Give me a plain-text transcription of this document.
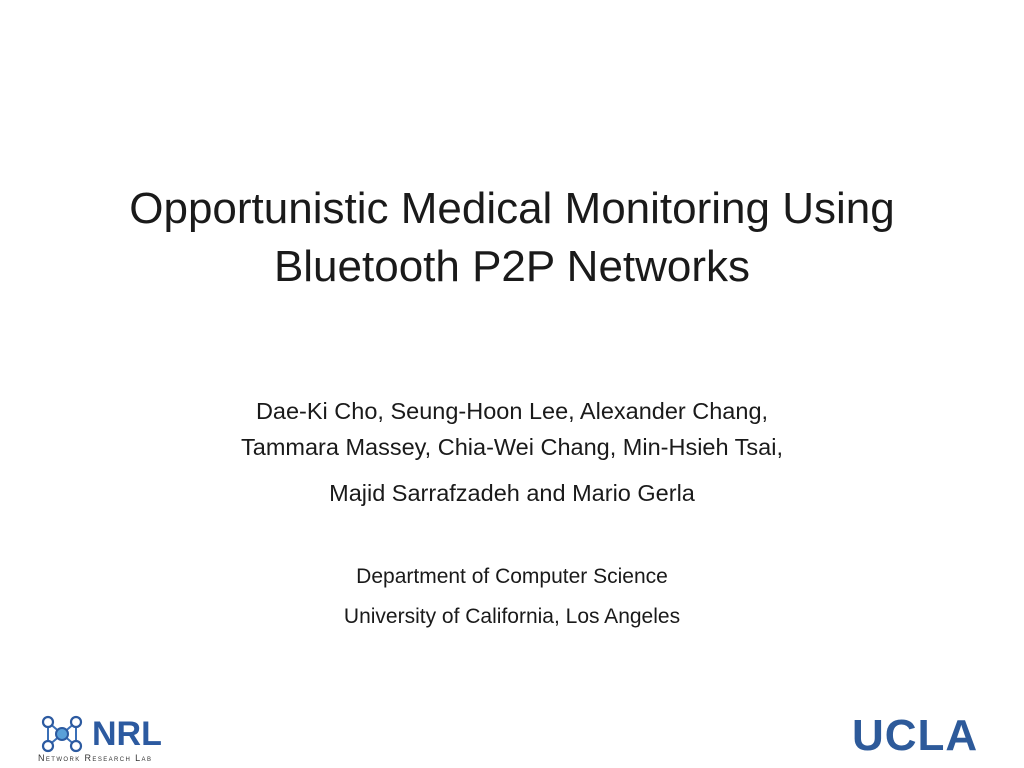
Opportunistic Medical Monitoring Using
Bluetooth P2P Networks
Dae-Ki Cho, Seung-Hoon Lee, Alexander Chang,
Tammara Massey, Chia-Wei Chang, Min-Hsieh Tsai,
Majid Sarrafzadeh and Mario Gerla
Department of Computer Science
University of California, Los Angeles
NRL
Network Research Lab	UCLA
